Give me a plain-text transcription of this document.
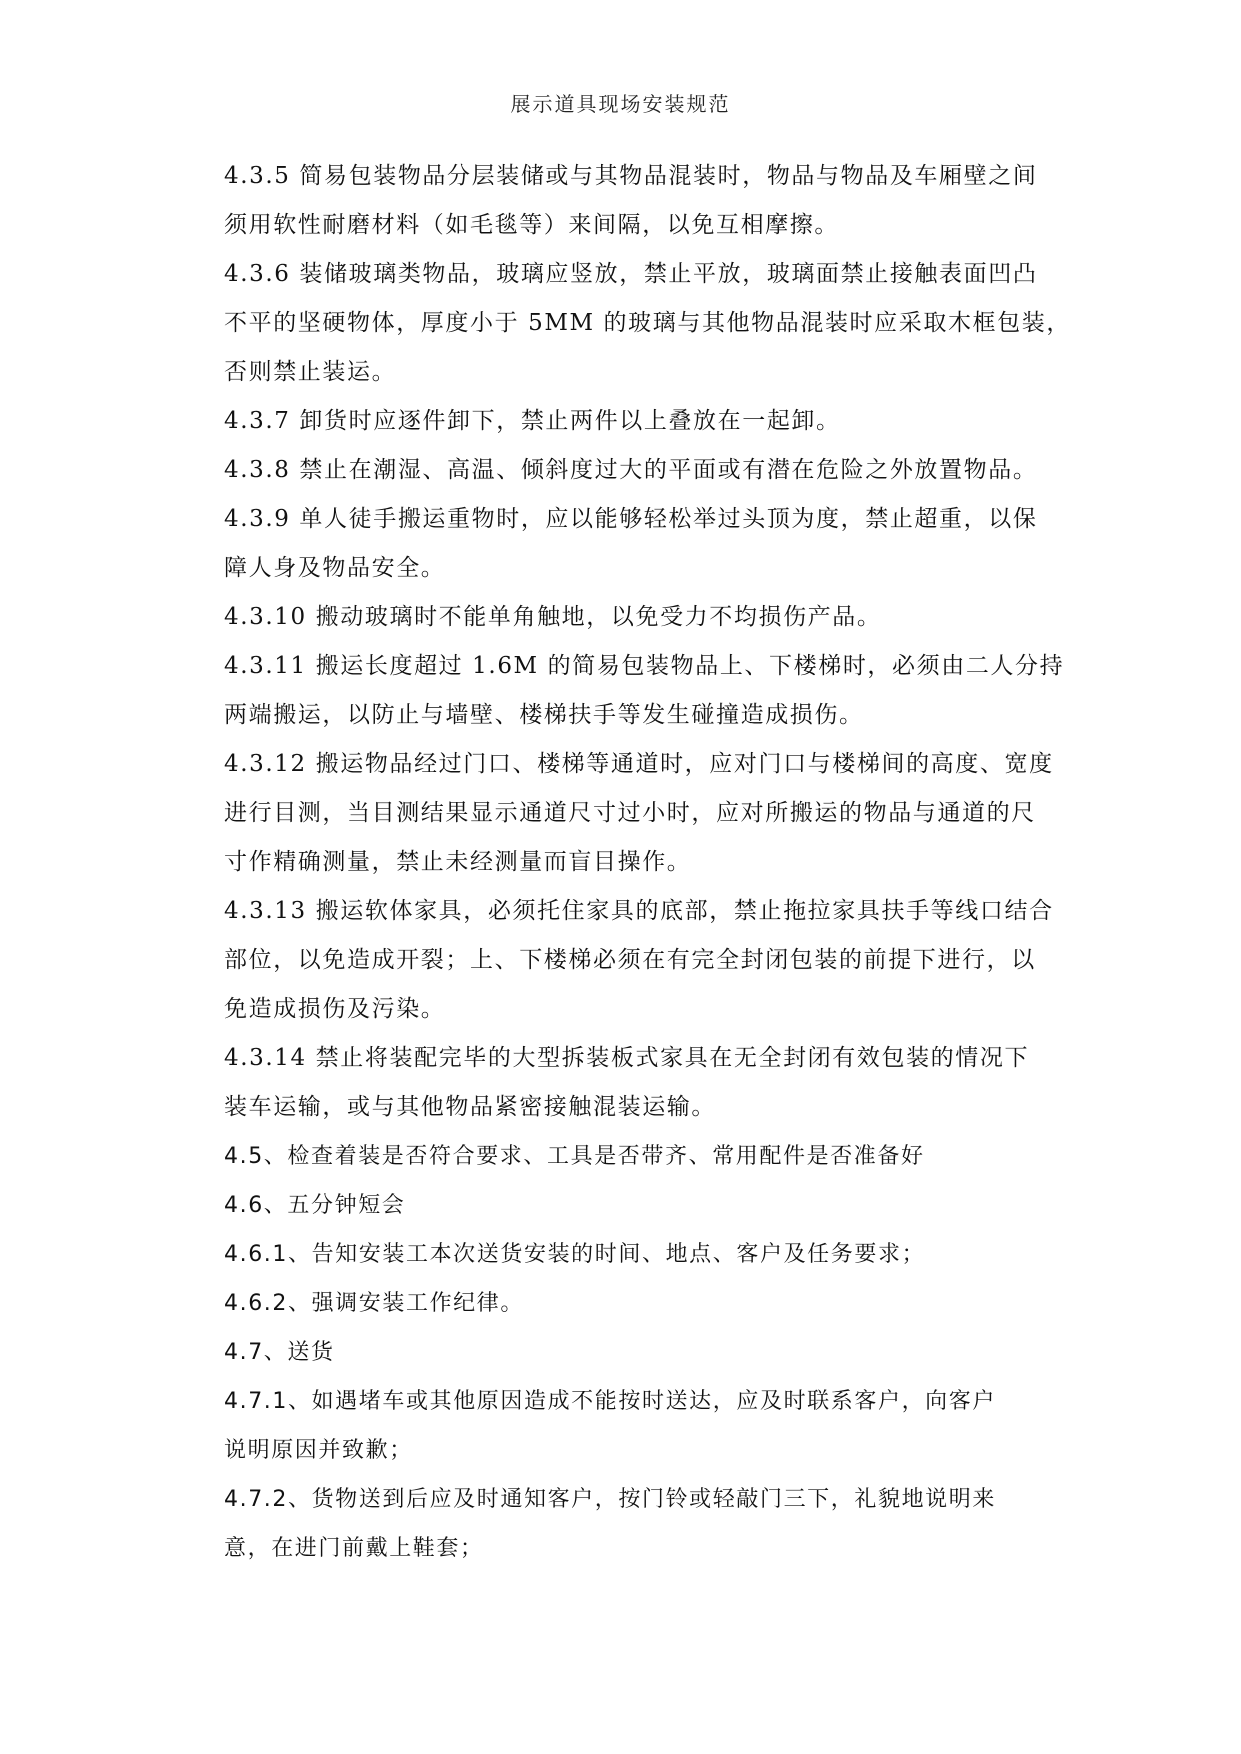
展示道具现场安装规范

4.3.5 简易包装物品分层装储或与其物品混装时，物品与物品及车厢壁之间
须用软性耐磨材料（如毛毯等）来间隔，以免互相摩擦。

4.3.6 装储玻璃类物品，玻璃应竖放，禁止平放，玻璃面禁止接触表面凹凸
不平的坚硬物体，厚度小于 5MM 的玻璃与其他物品混装时应采取木框包装，
否则禁止装运。

4.3.7 卸货时应逐件卸下，禁止两件以上叠放在一起卸。

4.3.8 禁止在潮湿、高温、倾斜度过大的平面或有潜在危险之外放置物品。

4.3.9 单人徒手搬运重物时，应以能够轻松举过头顶为度，禁止超重，以保
障人身及物品安全。

4.3.10 搬动玻璃时不能单角触地，以免受力不均损伤产品。

4.3.11 搬运长度超过 1.6M 的简易包装物品上、下楼梯时，必须由二人分持
两端搬运，以防止与墙壁、楼梯扶手等发生碰撞造成损伤。

4.3.12 搬运物品经过门口、楼梯等通道时，应对门口与楼梯间的高度、宽度
进行目测，当目测结果显示通道尺寸过小时，应对所搬运的物品与通道的尺
寸作精确测量，禁止未经测量而盲目操作。

4.3.13 搬运软体家具，必须托住家具的底部，禁止拖拉家具扶手等线口结合
部位，以免造成开裂；上、下楼梯必须在有完全封闭包装的前提下进行，以
免造成损伤及污染。

4.3.14 禁止将装配完毕的大型拆装板式家具在无全封闭有效包装的情况下
装车运输，或与其他物品紧密接触混装运输。

4.5、检查着装是否符合要求、工具是否带齐、常用配件是否准备好

4.6、五分钟短会

4.6.1、告知安装工本次送货安装的时间、地点、客户及任务要求；

4.6.2、强调安装工作纪律。

4.7、送货

4.7.1、如遇堵车或其他原因造成不能按时送达，应及时联系客户，向客户
说明原因并致歉；

4.7.2、货物送到后应及时通知客户，按门铃或轻敲门三下，礼貌地说明来
意，在进门前戴上鞋套；
